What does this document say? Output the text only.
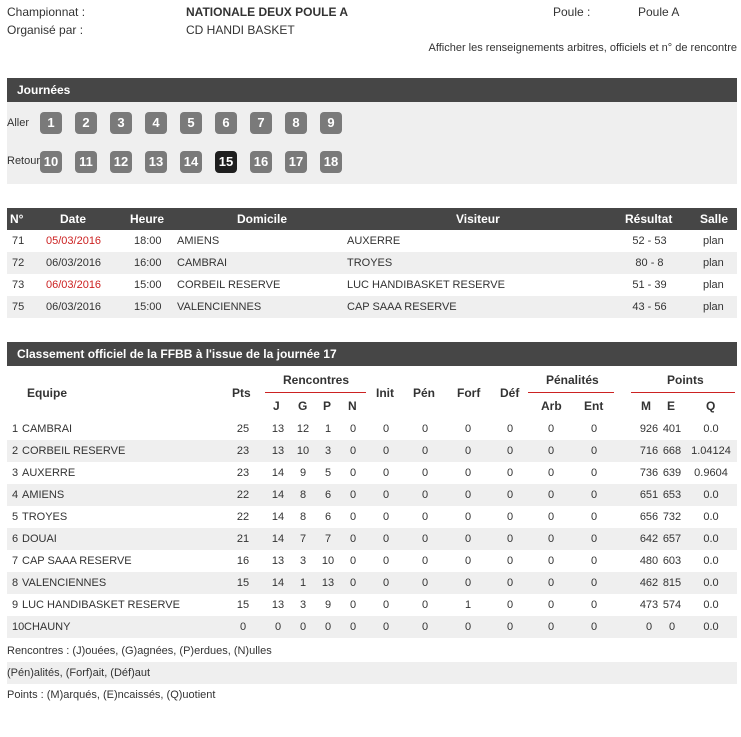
Championnat :	NATIONALE DEUX POULE A	Poule :	Poule A
Organisé par :	CD HANDI BASKET
Afficher les renseignements arbitres, officiels et n° de rencontre
Journées
Aller
Retour
1	2	3	4	5	6	7	8	9
10	11	12 13 14 15 16 17 18
N°	Date	Heure	Domicile	Visiteur	Résultat Salle
71 05/03/2016	18:00 AMIENS	AUXERRE	52 - 53	plan
72 06/03/2016	16:00 CAMBRAI	TROYES	80 - 8	plan
73 06/03/2016	15:00 CORBEIL RESERVE	LUC HANDIBASKET RESERVE	51 - 39	plan
75 06/03/2016	15:00 VALENCIENNES	CAP SAAA RESERVE	43 - 56	plan
Classement officiel de la FFBB à l'issue de la journée 17
Equipe	Pts
Rencontres
J G P N
Init Pén Forf Déf
Pénalités
Arb Ent
Points
M E	Q
1 CAMBRAI	25	13	12	1	0	0	0	0	0	0	0	926 401	0.0
2 CORBEIL RESERVE	23	13	10	3	0	0	0	0	0	0	0	716 668 1.04124
3 AUXERRE	23	14	9	5	0	0	0	0	0	0	0	736 639	0.9604
4 AMIENS	22	14	8	6	0	0	0	0	0	0	0	651 653	0.0
5 TROYES	22	14	8	6	0	0	0	0	0	0	0	656 732	0.0
6 DOUAI	21	14	7	7	0	0	0	0	0	0	0	642 657	0.0
7 CAP SAAA RESERVE	16	13	3	10	0	0	0	0	0	0	0	480 603	0.0
8 VALENCIENNES	15	14	1	13	0	0	0	0	0	0	0	462 815	0.0
9 LUC HANDIBASKET RESERVE	15	13	3	9	0	0	0	1	0	0	0	473 574	0.0
10 CHAUNY	0	0	0	0	0	0	0	0	0	0	0	0	0	0.0
Rencontres : (J)ouées, (G)agnées, (P)erdues, (N)ulles
(Pén)alités, (Forf)ait, (Déf)aut
Points : (M)arqués, (E)ncaissés, (Q)uotient
